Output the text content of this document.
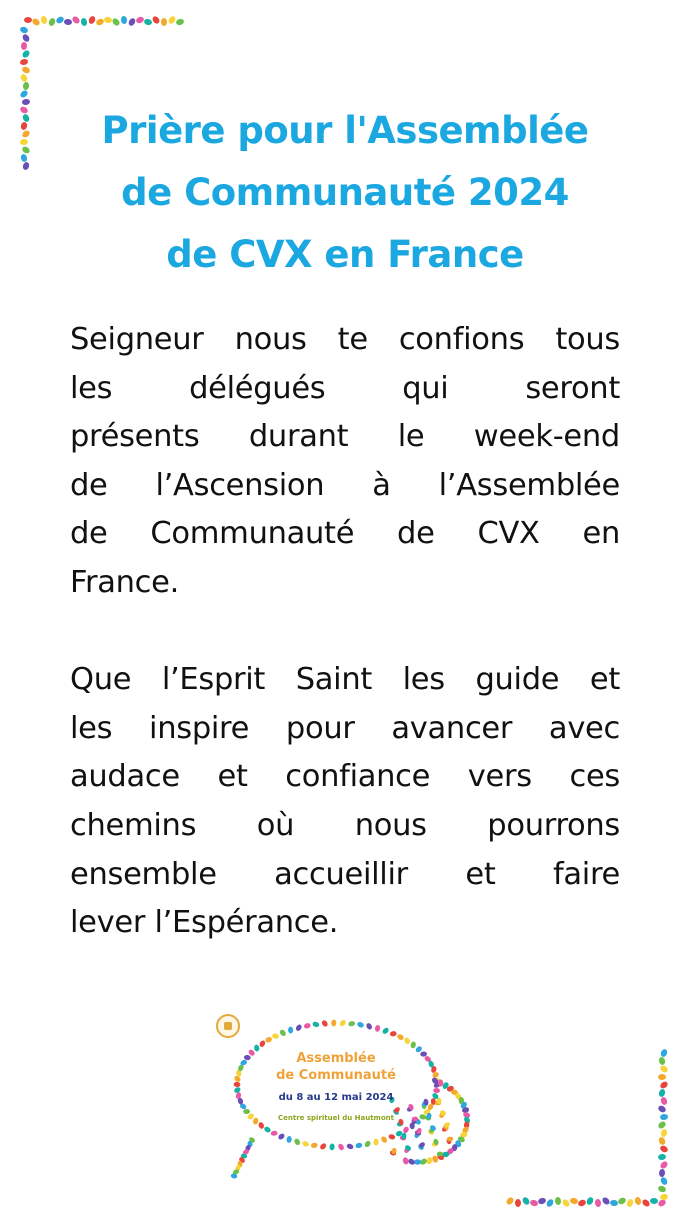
Prière pour l'Assemblée
de Communauté 2024
de CVX en France
Seigneur nous te confions tous
les délégués qui seront
présents durant le week-end
de l’Ascension à l’Assemblée
de Communauté de CVX en
France.
Que l’Esprit Saint les guide et
les inspire pour avancer avec
audace et confiance vers ces
chemins où nous pourrons
ensemble accueillir et faire
lever l’Espérance.
Assemblée
de Communauté
du 8 au 12 mai 2024
Centre spirituel du Hautmont
